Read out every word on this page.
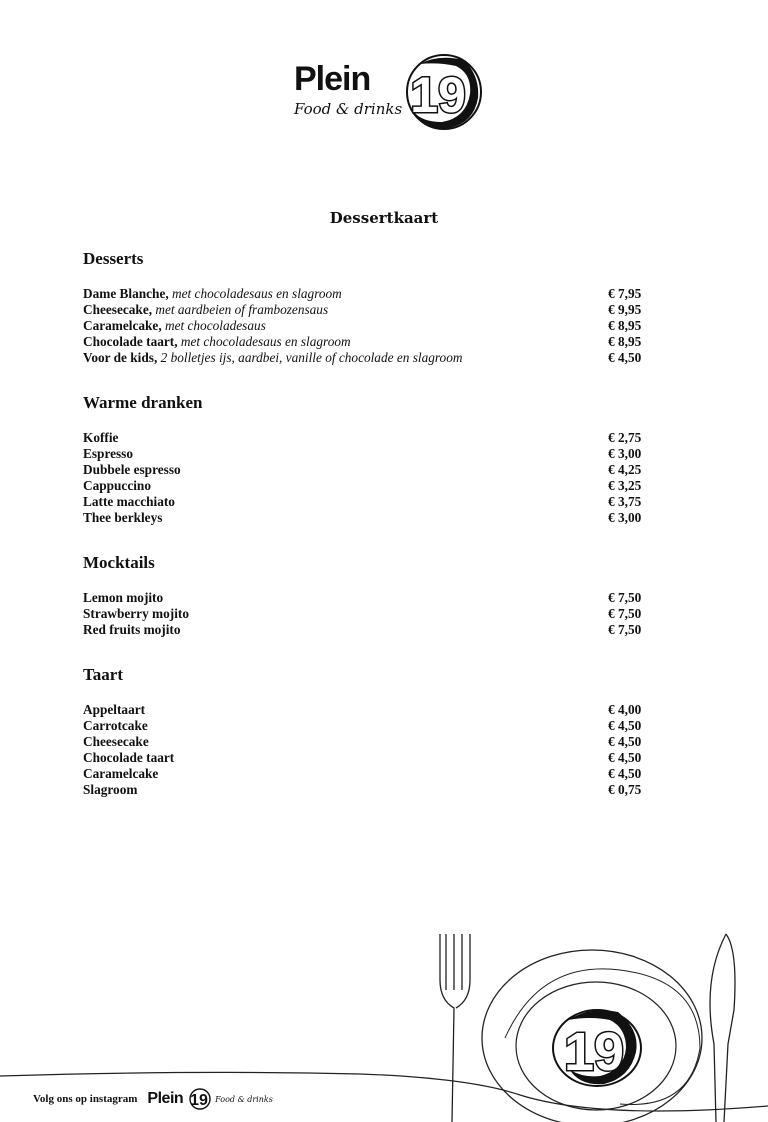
Plein
Food & drinks 19
Dessertkaart
Desserts
Dame Blanche, met chocoladesaus en slagroom	€ 7,95
Cheesecake, met aardbeien of frambozensaus	€ 9,95
Caramelcake, met chocoladesaus	€ 8,95
Chocolade taart, met chocoladesaus en slagroom	€ 8,95
Voor de kids, 2 bolletjes ijs, aardbei, vanille of chocolade en slagroom	€ 4,50
Warme dranken
Koffie	€ 2,75
Espresso	€ 3,00
Dubbele espresso	€ 4,25
Cappuccino	€ 3,25
Latte macchiato	€ 3,75
Thee berkleys	€ 3,00
Mocktails
Lemon mojito	€ 7,50
Strawberry mojito	€ 7,50
Red fruits mojito	€ 7,50
Taart
Appeltaart	€ 4,00
Carrotcake	€ 4,50
Cheesecake	€ 4,50
Chocolade taart	€ 4,50
Caramelcake	€ 4,50
Slagroom	€ 0,75
19
Volg ons op instagram Plein 19 Food & drinks
